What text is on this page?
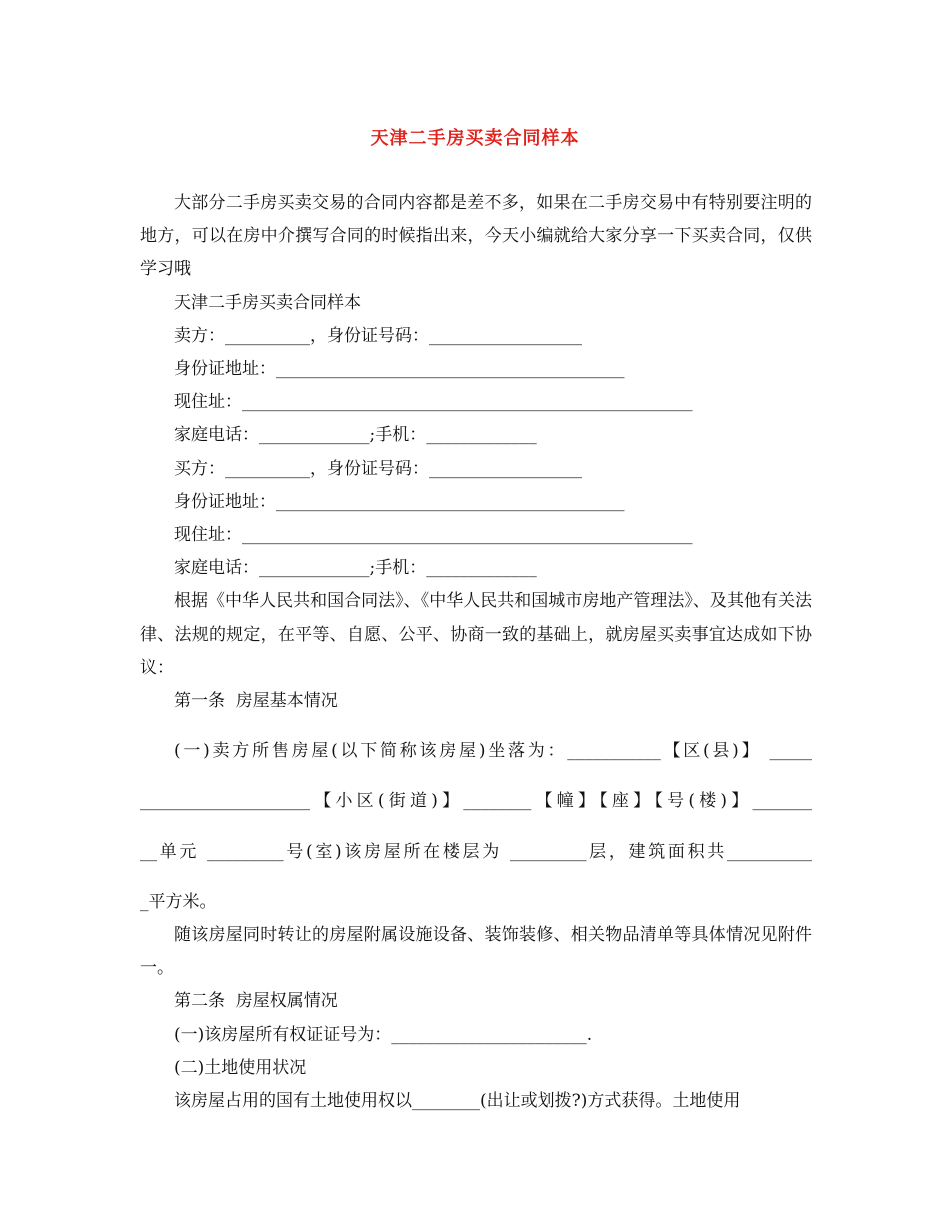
天津二手房买卖合同样本

大部分二手房买卖交易的合同内容都是差不多，如果在二手房交易中有特别要注明的地方，可以在房中介撰写合同的时候指出来，今天小编就给大家分享一下买卖合同，仅供学习哦

天津二手房买卖合同样本

卖方：__________，身份证号码：__________________

身份证地址：_________________________________________

现住址：_____________________________________________________

家庭电话：_____________;手机：_____________

买方：__________，身份证号码：__________________

身份证地址：_________________________________________

现住址：_____________________________________________________

家庭电话：_____________;手机：_____________

根据《中华人民共和国合同法》、《中华人民共和国城市房地产管理法》、及其他有关法律、法规的规定，在平等、自愿、公平、协商一致的基础上，就房屋买卖事宜达成如下协议：

第一条  房屋基本情况

(一)卖方所售房屋(以下简称该房屋)坐落为：___________【区(县)】 _____

____________________【小区(街道)】________【幢】【座】【号(楼)】_______

__单元 _________号(室)该房屋所在楼层为 _________层，建筑面积共__________

_平方米。

随该房屋同时转让的房屋附属设施设备、装饰装修、相关物品清单等具体情况见附件一。

第二条  房屋权属情况

(一)该房屋所有权证证号为：_______________________.

(二)土地使用状况

该房屋占用的国有土地使用权以________(出让或划拨?)方式获得。土地使用
